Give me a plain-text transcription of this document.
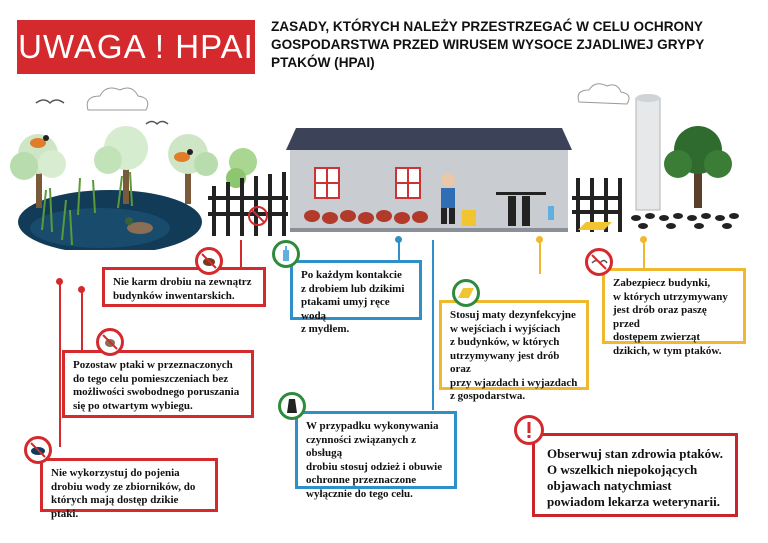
UWAGA ! HPAI
ZASADY, KTÓRYCH NALEŻY PRZESTRZEGAĆ W CELU OCHRONY
GOSPODARSTWA PRZED WIRUSEM WYSOCE ZJADLIWEJ GRYPY
PTAKÓW (HPAI)
Nie karm drobiu na zewnątrz
budynków inwentarskich.
Pozostaw ptaki w przeznaczonych
do tego celu pomieszczeniach bez
możliwości swobodnego poruszania
się po otwartym wybiegu.
Nie wykorzystuj do pojenia
drobiu wody ze zbiorników, do
których mają dostęp dzikie ptaki.
Po każdym kontakcie
z drobiem lub dzikimi
ptakami umyj ręce wodą
z mydłem.
W przypadku wykonywania
czynności związanych z obsługą
drobiu stosuj odzież i obuwie
ochronne przeznaczone
wyłącznie do tego celu.
Stosuj maty dezynfekcyjne
w wejściach i wyjściach
z budynków, w których
utrzymywany jest drób oraz
przy wjazdach i wyjazdach
z gospodarstwa.
Zabezpiecz budynki,
w których utrzymywany
jest drób oraz paszę przed
dostępem zwierząt
dzikich, w tym ptaków.
Obserwuj stan zdrowia ptaków.
O wszelkich niepokojących
objawach natychmiast
powiadom lekarza weterynarii.
